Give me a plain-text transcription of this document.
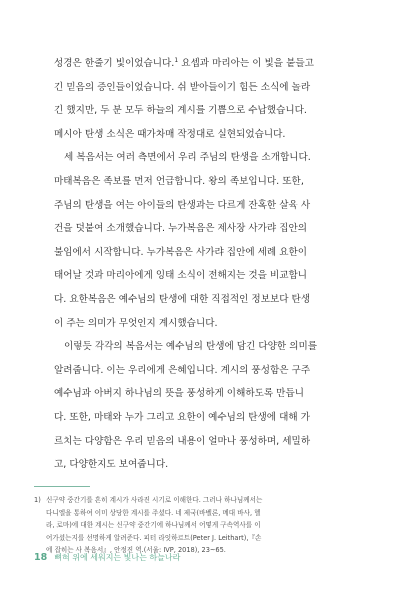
성경은 한줄기 빛이었습니다.$^1$ 요셉과 마리아는 이 빛을 붙들고
긴 믿음의 증인들이었습니다. 쉬 받아들이기 힘든 소식에 놀라
긴 했지만, 두 분 모두 하늘의 계시를 기쁨으로 수납했습니다.
메시아 탄생 소식은 때가차매 작정대로 실현되었습니다.
세 복음서는 여러 측면에서 우리 주님의 탄생을 소개합니다.
마태복음은 족보를 먼저 언급합니다. 왕의 족보입니다. 또한,
주님의 탄생을 여는 아이들의 탄생과는 다르게 잔혹한 살육 사
건을 덧붙여 소개했습니다. 누가복음은 제사장 사가랴 집안의
불임에서 시작합니다. 누가복음은 사가랴 집안에 세례 요한이
태어날 것과 마리아에게 잉태 소식이 전해지는 것을 비교합니
다. 요한복음은 예수님의 탄생에 대한 직접적인 정보보다 탄생
이 주는 의미가 무엇인지 계시했습니다.
이렇듯 각각의 복음서는 예수님의 탄생에 담긴 다양한 의미를
알려줍니다. 이는 우리에게 은혜입니다. 계시의 풍성함은 구주
예수님과 아버지 하나님의 뜻을 풍성하게 이해하도록 만듭니
다. 또한, 마태와 누가 그리고 요한이 예수님의 탄생에 대해 가
르치는 다양함은 우리 믿음의 내용이 얼마나 풍성하며, 세밀하
고, 다양한지도 보여줍니다.
1) 신구약 중간기를 흔히 계시가 사라진 시기로 이해한다. 그러나 하나님께서는
다니엘을 통하여 이미 상당한 계시를 주셨다. 네 제국(바벨론, 메대 바사, 헬
라, 로마)에 대한 계시는 신구약 중간기에 하나님께서 어떻게 구속역사를 이
어가셨는지를 선명하게 알려준다. 피터 라잇하르트(Peter J. Leithart),『손
에 잡히는 사 복음서』, 안정진 역.(서울: IVP, 2018), 23~65.
18 뼈혀 위에 세워지는 빛나는 하늘나라
